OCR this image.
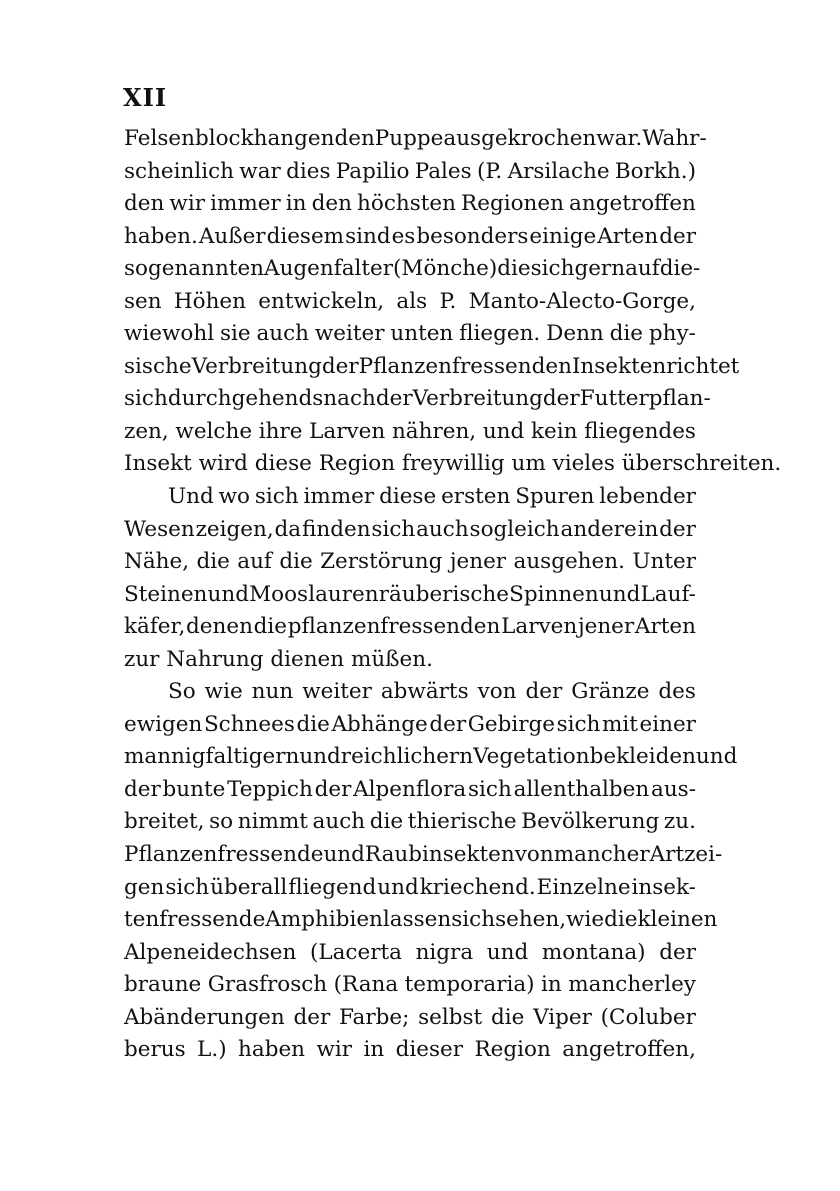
XII
Felsenblock hangenden Puppe ausgekrochen war. Wahr-
scheinlich war dies Papilio Pales (P. Arsilache Borkh.)
den wir immer in den höchsten Regionen angetroffen
haben. Außer diesem sind es besonders einige Arten der
sogenannten Augenfalter (Mönche) die sich gern auf die-
sen Höhen entwickeln, als P. Manto-Alecto-Gorge,
wiewohl sie auch weiter unten fliegen. Denn die phy-
sische Verbreitung der Pflanzenfressenden Insekten richtet
sich durchgehends nach der Verbreitung der Futterpflan-
zen, welche ihre Larven nähren, und kein fliegendes
Insekt wird diese Region freywillig um vieles überschreiten.
Und wo sich immer diese ersten Spuren lebender
Wesen zeigen, da finden sich auch sogleich andere in der
Nähe, die auf die Zerstörung jener ausgehen. Unter
Steinen und Moos lauren räuberische Spinnen und Lauf-
käfer, denen die pflanzenfressenden Larven jener Arten
zur Nahrung dienen müßen.
So wie nun weiter abwärts von der Gränze des
ewigen Schnees die Abhänge der Gebirge sich mit einer
mannigfaltigern und reichlichern Vegetation bekleiden und
der bunte Teppich der Alpenflora sich allenthalben aus-
breitet, so nimmt auch die thierische Bevölkerung zu.
Pflanzenfressende und Raubinsekten von mancher Art zei-
gen sich überall fliegend und kriechend. Einzelne insek-
tenfressende Amphibien lassen sich sehen, wie die kleinen
Alpeneidechsen (Lacerta nigra und montana) der
braune Grasfrosch (Rana temporaria) in mancherley
Abänderungen der Farbe; selbst die Viper (Coluber
berus L.) haben wir in dieser Region angetroffen,
